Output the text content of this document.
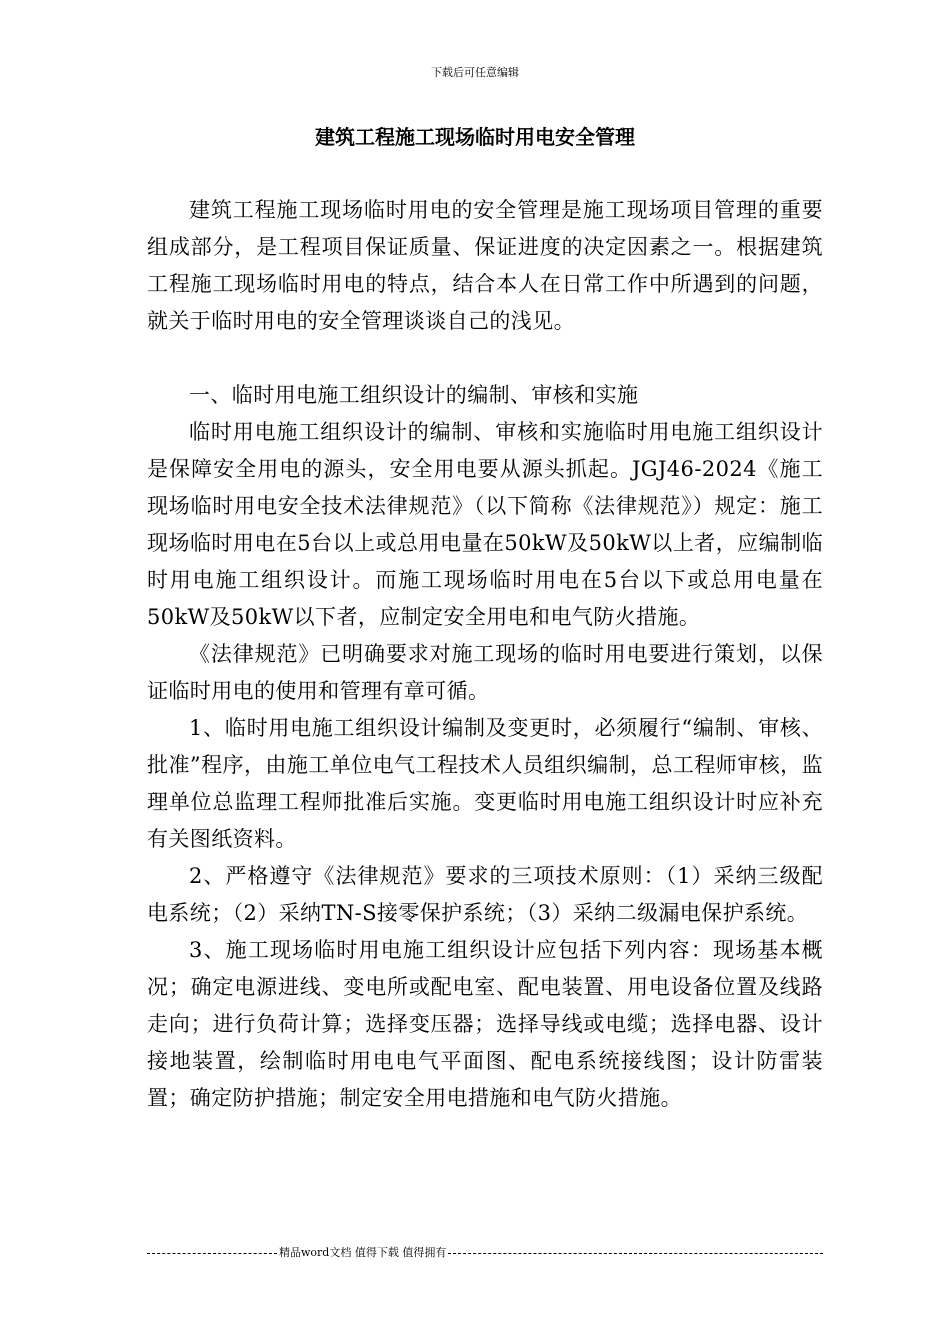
下载后可任意编辑
建筑工程施工现场临时用电安全管理

建筑工程施工现场临时用电的安全管理是施工现场项目管理的重要组成部分，是工程项目保证质量、保证进度的决定因素之一。根据建筑工程施工现场临时用电的特点，结合本人在日常工作中所遇到的问题，就关于临时用电的安全管理谈谈自己的浅见。

一、临时用电施工组织设计的编制、审核和实施

临时用电施工组织设计的编制、审核和实施临时用电施工组织设计是保障安全用电的源头，安全用电要从源头抓起。JGJ46-2024《施工现场临时用电安全技术法律规范》（以下简称《法律规范》）规定：施工现场临时用电在5台以上或总用电量在50kW及50kW以上者，应编制临时用电施工组织设计。而施工现场临时用电在5台以下或总用电量在50kW及50kW以下者，应制定安全用电和电气防火措施。

《法律规范》已明确要求对施工现场的临时用电要进行策划，以保证临时用电的使用和管理有章可循。

1、临时用电施工组织设计编制及变更时，必须履行“编制、审核、批准”程序，由施工单位电气工程技术人员组织编制，总工程师审核，监理单位总监理工程师批准后实施。变更临时用电施工组织设计时应补充有关图纸资料。

2、严格遵守《法律规范》要求的三项技术原则：（1）采纳三级配电系统；（2）采纳TN-S接零保护系统；（3）采纳二级漏电保护系统。

3、施工现场临时用电施工组织设计应包括下列内容：现场基本概况；确定电源进线、变电所或配电室、配电装置、用电设备位置及线路走向；进行负荷计算；选择变压器；选择导线或电缆；选择电器、设计接地装置，绘制临时用电电气平面图、配电系统接线图；设计防雷装置；确定防护措施；制定安全用电措施和电气防火措施。

精品word文档 值得下载 值得拥有
